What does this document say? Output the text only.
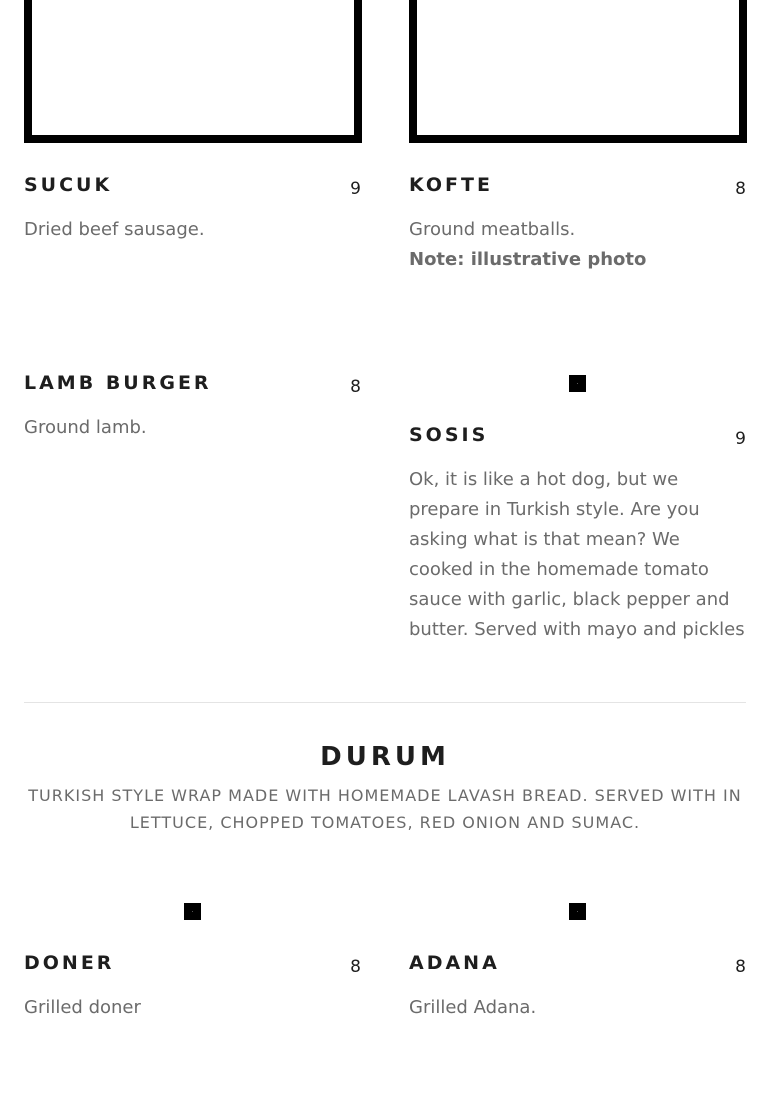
SUCUK	9

Dried beef sausage.

KOFTE	8

Ground meatballs.

Note: illustrative photo

LAMB BURGER	8

Ground lamb.	SOSIS	9

Ok, it is like a hot dog, but we prepare in Turkish style. Are you asking what is that mean? We cooked in the homemade tomato sauce with garlic, black pepper and butter. Served with mayo and pickles

DURUM

TURKISH STYLE WRAP MADE WITH HOMEMADE LAVASH BREAD. SERVED WITH IN LETTUCE, CHOPPED TOMATOES, RED ONION AND SUMAC.

DONER	8

Grilled doner

ADANA	8

Grilled Adana.
